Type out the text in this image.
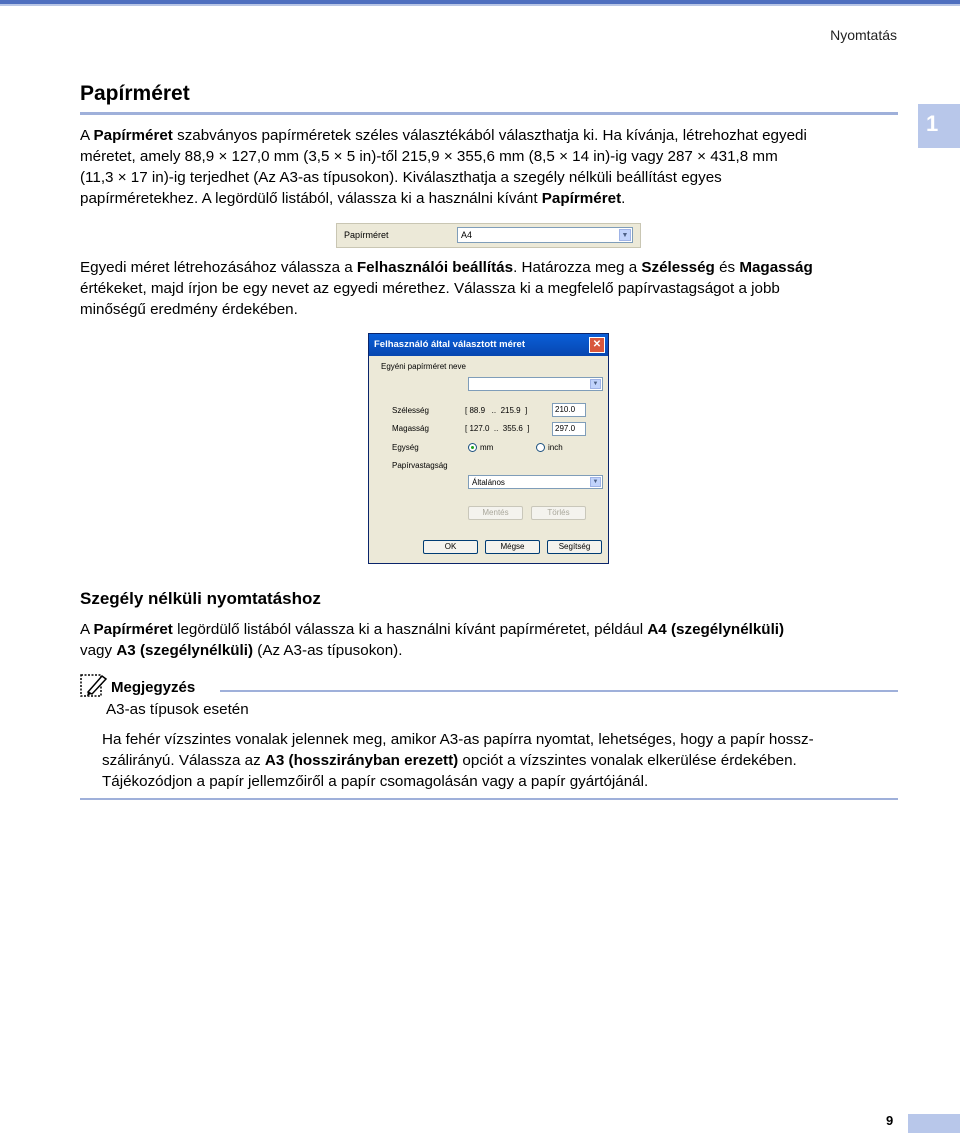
Nyomtatás
Papírméret
1

A Papírméret szabványos papírméretek széles választékából választhatja ki. Ha kívánja, létrehozhat egyedi
méretet, amely 88,9 × 127,0 mm (3,5 × 5 in)-től 215,9 × 355,6 mm (8,5 × 14 in)-ig vagy 287 × 431,8 mm
(11,3 × 17 in)-ig terjedhet (Az A3-as típusokon). Kiválaszthatja a szegély nélküli beállítást egyes
papírméretekhez. A legördülő listából, válassza ki a használni kívánt Papírméret.

Papírméret	A4	▼

Egyedi méret létrehozásához válassza a Felhasználói beállítás. Határozza meg a Szélesség és Magasság
értékeket, majd írjon be egy nevet az egyedi mérethez. Válassza ki a megfelelő papírvastagságot a jobb
minőségű eredmény érdekében.

Felhasználó által választott méret	✕
Egyéni papírméret neve
▼
Szélesség	[ 88.9   ..  215.9  ]	210.0
Magasság	[ 127.0  ..  355.6  ]	297.0
Egység	mm	inch
Papírvastagság
Általános	▼
Mentés	Törlés
OK	Mégse	Segítség
Szegély nélküli nyomtatáshoz

A Papírméret legördülő listából válassza ki a használni kívánt papírméretet, például A4 (szegélynélküli)
vagy A3 (szegélynélküli) (Az A3-as típusokon).

Megjegyzés
A3-as típusok esetén

Ha fehér vízszintes vonalak jelennek meg, amikor A3-as papírra nyomtat, lehetséges, hogy a papír hossz-
szálirányú. Válassza az A3 (hosszirányban erezett) opciót a vízszintes vonalak elkerülése érdekében.
Tájékozódjon a papír jellemzőiről a papír csomagolásán vagy a papír gyártójánál.

9
